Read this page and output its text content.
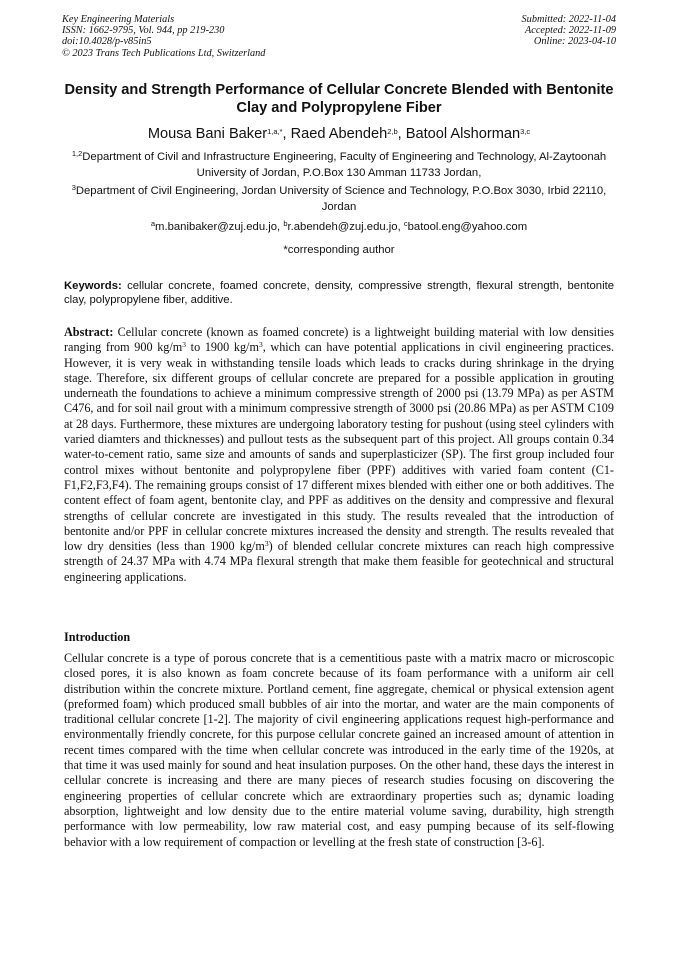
Key Engineering Materials
ISSN: 1662-9795, Vol. 944, pp 219-230
doi:10.4028/p-v85in5
© 2023 Trans Tech Publications Ltd, Switzerland
Submitted: 2022-11-04
Accepted: 2022-11-09
Online: 2023-04-10
Density and Strength Performance of Cellular Concrete Blended with Bentonite Clay and Polypropylene Fiber
Mousa Bani Baker$^{1,a,*}$, Raed Abendeh$^{2,b}$, Batool Alshorman$^{3,c}$
$^{1,2}$Department of Civil and Infrastructure Engineering, Faculty of Engineering and Technology, Al-Zaytoonah University of Jordan, P.O.Box 130 Amman 11733 Jordan,
$^3$Department of Civil Engineering, Jordan University of Science and Technology, P.O.Box 3030, Irbid 22110, Jordan
$^a$m.banibaker@zuj.edu.jo, $^b$r.abendeh@zuj.edu.jo, $^c$batool.eng@yahoo.com
*corresponding author
Keywords: cellular concrete, foamed concrete, density, compressive strength, flexural strength, bentonite clay, polypropylene fiber, additive.
Abstract: Cellular concrete (known as foamed concrete) is a lightweight building material with low densities ranging from 900 $kg/m^3$ to 1900 $kg/m^3$, which can have potential applications in civil engineering practices. However, it is very weak in withstanding tensile loads which leads to cracks during shrinkage in the drying stage. Therefore, six different groups of cellular concrete are prepared for a possible application in grouting underneath the foundations to achieve a minimum compressive strength of 2000 psi (13.79 MPa) as per ASTM C476, and for soil nail grout with a minimum compressive strength of 3000 psi (20.86 MPa) as per ASTM C109 at 28 days. Furthermore, these mixtures are undergoing laboratory testing for pushout (using steel cylinders with varied diamters and thicknesses) and pullout tests as the subsequent part of this project. All groups contain 0.34 water-to-cement ratio, same size and amounts of sands and superplasticizer (SP). The first group included four control mixes without bentonite and polypropylene fiber (PPF) additives with varied foam content (C1-F1,F2,F3,F4). The remaining groups consist of 17 different mixes blended with either one or both additives. The content effect of foam agent, bentonite clay, and PPF as additives on the density and compressive and flexural strengths of cellular concrete are investigated in this study. The results revealed that the introduction of bentonite and/or PPF in cellular concrete mixtures increased the density and strength. The results revealed that low dry densities (less than 1900 $kg/m^3$) of blended cellular concrete mixtures can reach high compressive strength of 24.37 MPa with 4.74 MPa flexural strength that make them feasible for geotechnical and structural engineering applications.
Introduction
Cellular concrete is a type of porous concrete that is a cementitious paste with a matrix macro or microscopic closed pores, it is also known as foam concrete because of its foam performance with a uniform air cell distribution within the concrete mixture. Portland cement, fine aggregate, chemical or physical extension agent (preformed foam) which produced small bubbles of air into the mortar, and water are the main components of traditional cellular concrete [1-2]. The majority of civil engineering applications request high-performance and environmentally friendly concrete, for this purpose cellular concrete gained an increased amount of attention in recent times compared with the time when cellular concrete was introduced in the early time of the 1920s, at that time it was used mainly for sound and heat insulation purposes. On the other hand, these days the interest in cellular concrete is increasing and there are many pieces of research studies focusing on discovering the engineering properties of cellular concrete which are extraordinary properties such as; dynamic loading absorption, lightweight and low density due to the entire material volume saving, durability, high strength performance with low permeability, low raw material cost, and easy pumping because of its self-flowing behavior with a low requirement of compaction or levelling at the fresh state of construction [3-6].
